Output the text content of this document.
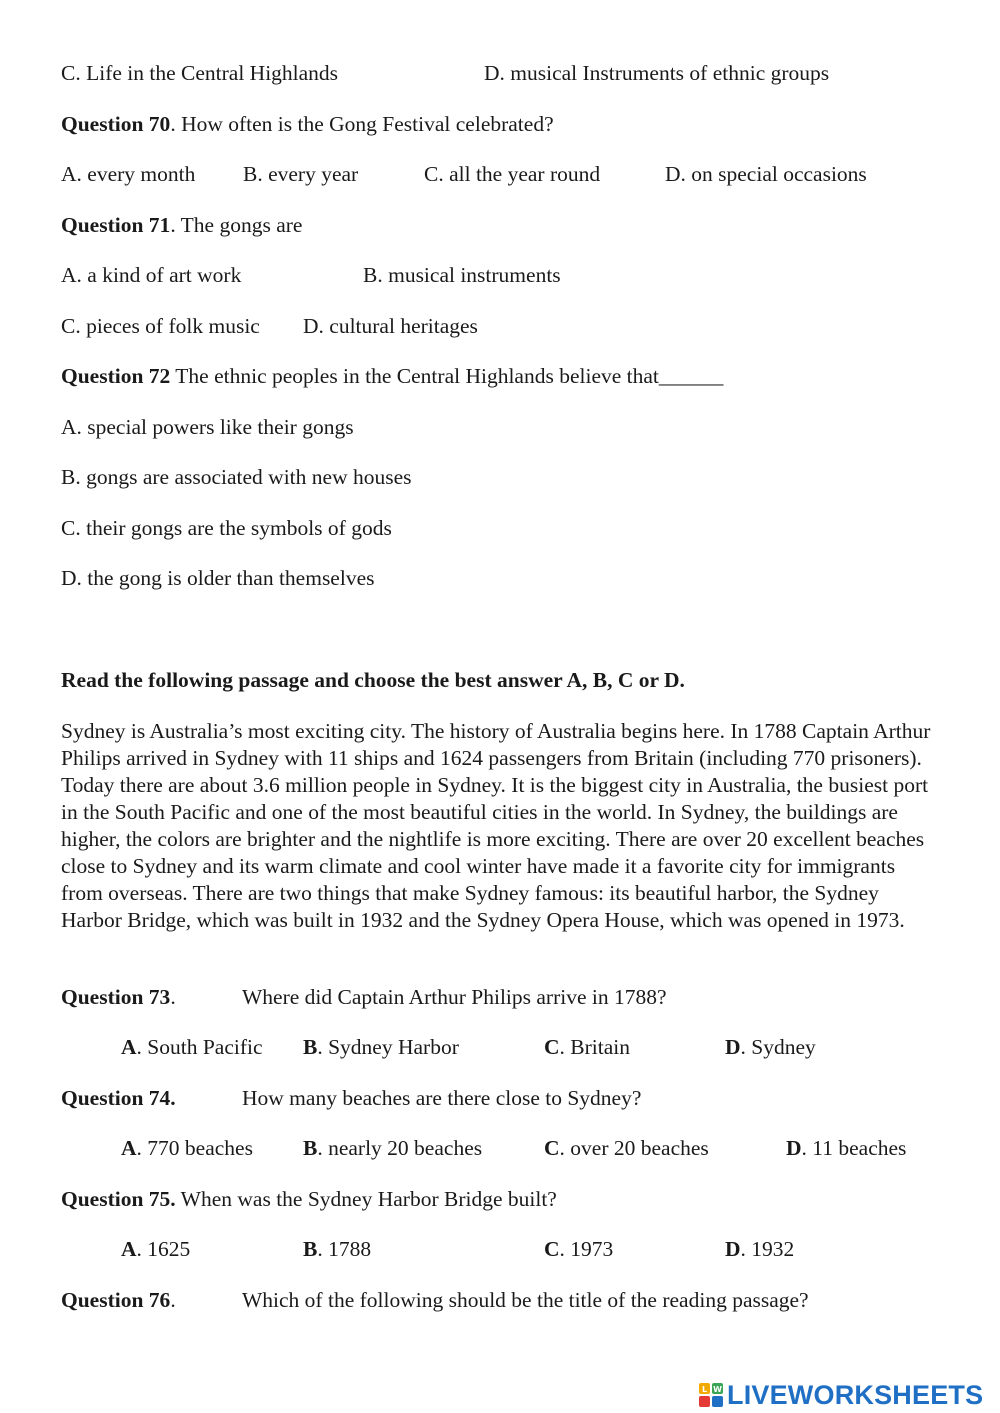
C. Life in the Central Highlands	D. musical Instruments of ethnic groups
Question 70. How often is the Gong Festival celebrated?
A. every month B. every year	C. all the year round	D. on special occasions
Question 71. The gongs are
A. a kind of art work	B. musical instruments
C. pieces of folk music D. cultural heritages
Question 72 The ethnic peoples in the Central Highlands believe that______
A. special powers like their gongs
B. gongs are associated with new houses
C. their gongs are the symbols of gods
D. the gong is older than themselves
Read the following passage and choose the best answer A, B, C or D.

Sydney is Australia’s most exciting city. The history of Australia begins here. In 1788 Captain Arthur Philips arrived in Sydney with 11 ships and 1624 passengers from Britain (including 770 prisoners). Today there are about 3.6 million people in Sydney. It is the biggest city in Australia, the busiest port in the South Pacific and one of the most beautiful cities in the world. In Sydney, the buildings are higher, the colors are brighter and the nightlife is more exciting. There are over 20 excellent beaches close to Sydney and its warm climate and cool winter have made it a favorite city for immigrants from overseas. There are two things that make Sydney famous: its beautiful harbor, the Sydney Harbor Bridge, which was built in 1932 and the Sydney Opera House, which was opened in 1973.

Question 73.	Where did Captain Arthur Philips arrive in 1788?
A. South Pacific B. Sydney Harbor	C. Britain	D. Sydney
Question 74.	How many beaches are there close to Sydney?
A. 770 beaches B. nearly 20 beaches	C. over 20 beaches	D. 11 beaches
Question 75. When was the Sydney Harbor Bridge built?
A. 1625	B. 1788	C. 1973	D. 1932
Question 76.	Which of the following should be the title of the reading passage?
L W LIVEWORKSHEETS
